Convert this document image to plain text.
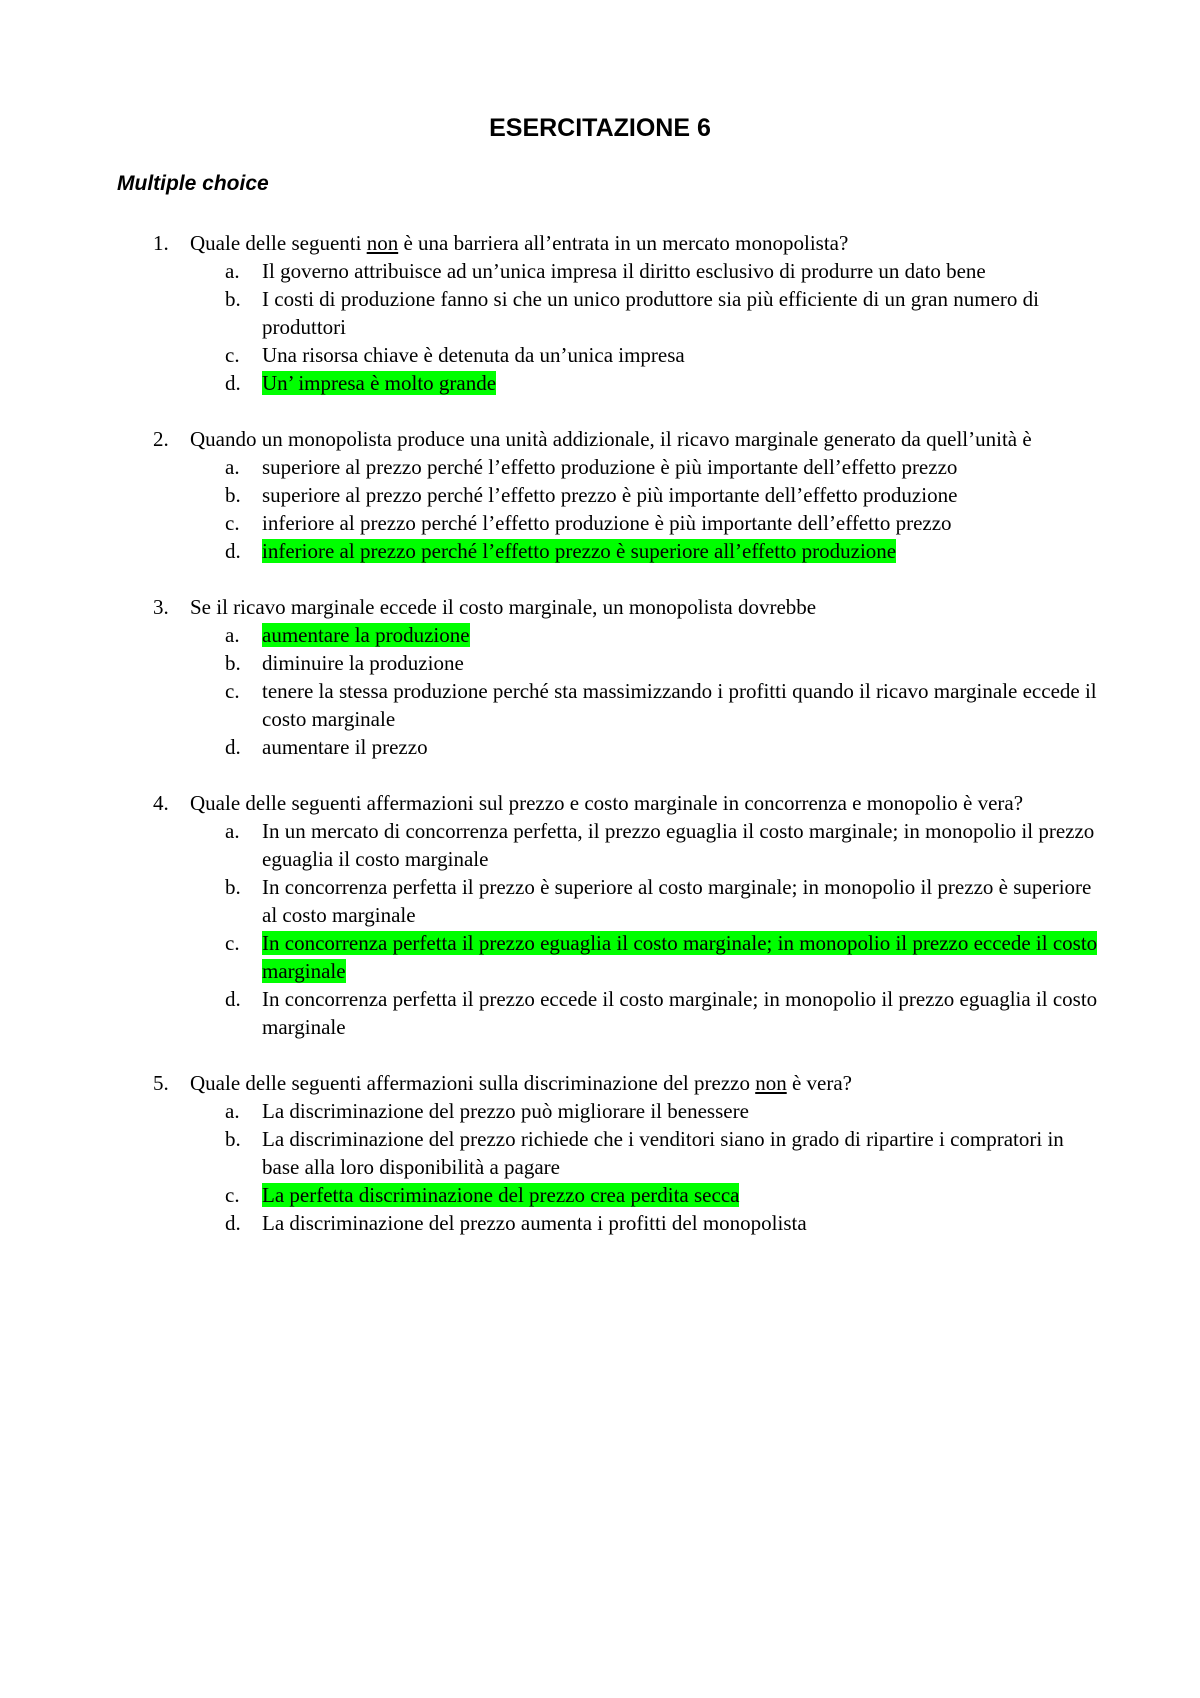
ESERCITAZIONE 6
Multiple choice
1. Quale delle seguenti non è una barriera all’entrata in un mercato monopolista?
a. Il governo attribuisce ad un’unica impresa il diritto esclusivo di produrre un dato bene
b. I costi di produzione fanno si che un unico produttore sia più efficiente di un gran numero di produttori
c. Una risorsa chiave è detenuta da un’unica impresa
d. Un’ impresa è molto grande
2. Quando un monopolista produce una unità addizionale, il ricavo marginale generato da quell’unità è
a. superiore al prezzo perché l’effetto produzione è più importante dell’effetto prezzo
b. superiore al prezzo perché l’effetto prezzo è più importante dell’effetto produzione
c. inferiore al prezzo perché l’effetto produzione è più importante dell’effetto prezzo
d. inferiore al prezzo perché l’effetto prezzo è superiore all’effetto produzione
3. Se il ricavo marginale eccede il costo marginale, un monopolista dovrebbe
a. aumentare la produzione
b. diminuire la produzione
c. tenere la stessa produzione perché sta massimizzando i profitti quando il ricavo marginale eccede il costo marginale
d. aumentare il prezzo
4. Quale delle seguenti affermazioni sul prezzo e costo marginale in concorrenza e monopolio è vera?
a. In un mercato di concorrenza perfetta, il prezzo eguaglia il costo marginale; in monopolio il prezzo eguaglia il costo marginale
b. In concorrenza perfetta il prezzo è superiore al costo marginale; in monopolio il prezzo è superiore al costo marginale
c. In concorrenza perfetta il prezzo eguaglia il costo marginale; in monopolio il prezzo eccede il costo marginale
d. In concorrenza perfetta il prezzo eccede il costo marginale; in monopolio il prezzo eguaglia il costo marginale
5. Quale delle seguenti affermazioni sulla discriminazione del prezzo non è vera?
a. La discriminazione del prezzo può migliorare il benessere
b. La discriminazione del prezzo richiede che i venditori siano in grado di ripartire i compratori in base alla loro disponibilità a pagare
c. La perfetta discriminazione del prezzo crea perdita secca
d. La discriminazione del prezzo aumenta i profitti del monopolista
